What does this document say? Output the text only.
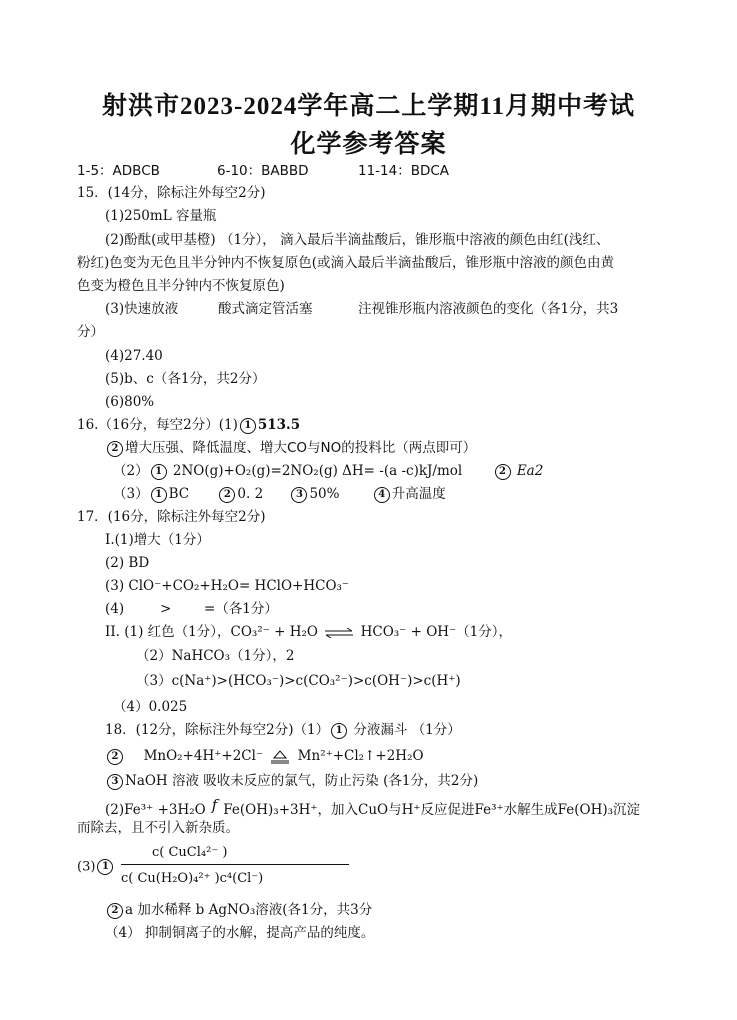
射洪市2023-2024学年高二上学期11月期中考试
化学参考答案
1-5：ADBCB	6-10：BABBD	11-14：BDCA
15．(14分，除标注外每空2分)
(1)250mL 容量瓶
(2)酚酞(或甲基橙) （1分）， 滴入最后半滴盐酸后，锥形瓶中溶液的颜色由红(浅红、
粉红)色变为无色且半分钟内不恢复原色(或滴入最后半滴盐酸后，锥形瓶中溶液的颜色由黄
色变为橙色且半分钟内不恢复原色)
(3)快速放液	酸式滴定管活塞	注视锥形瓶内溶液颜色的变化（各1分，共3
分）
(4)27.40
(5)b、c（各1分，共2分）
(6)80%
16.（16分，每空2分）(1) 1 513.5
2 增大压强、降低温度、增大CO与NO的投料比（两点即可）
（2） 1 2NO(g)+O₂(g)=2NO₂(g) ΔH= -(a -c)kJ/mol	2 Ea2
（3） 1 BC	2 0. 2	3 50%	4 升高温度
17．(16分，除标注外每空2分)
I.(1)增大（1分）
(2) BD
(3) ClO⁻+CO₂+H₂O= HClO+HCO₃⁻
(4)	> =（各1分）
II. (1) 红色（1分），CO₃²⁻ + H₂O ⇌ HCO₃⁻ + OH⁻（1分），
（2）NaHCO₃（1分），2
（3）c(Na⁺)>(HCO₃⁻)>c(CO₃²⁻)>c(OH⁻)>c(H⁺)
（4）0.025
18．(12分，除标注外每空2分)（1） 1 分液漏斗 （1分）
2 MnO₂+4H⁺+2Cl⁻	Mn²⁺+Cl₂↑+2H₂O
3 NaOH 溶液 吸收未反应的氯气，防止污染 (各1分，共2分)
(2)Fe³⁺ +3H₂O f Fe(OH)₃+3H⁺，加入CuO与H⁺反应促进Fe³⁺水解生成Fe(OH)₃沉淀
而除去，且不引入新杂质。
(3) 1
c( CuCl₄²⁻ )
c( Cu(H₂O)₄²⁺ )c⁴(Cl⁻)
2 a 加水稀释 b AgNO₃溶液(各1分，共3分
（4） 抑制铜离子的水解，提高产品的纯度。
